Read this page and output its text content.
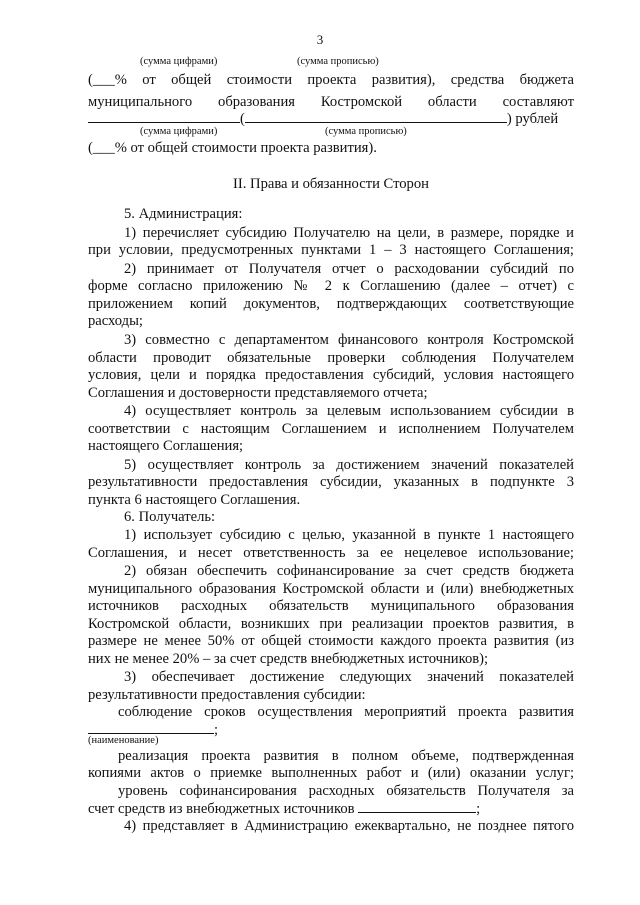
3
(сумма цифрами)	(сумма прописью)
(___% от общей стоимости проекта развития), средства бюджета
муниципального образования Костромской области составляют
(	) рублей
(сумма цифрами)	(сумма прописью)
(___% от общей стоимости проекта развития).
II. Права и обязанности Сторон
5. Администрация:
1) перечисляет субсидию Получателю на цели, в размере, порядке и
при условии, предусмотренных пунктами 1 – 3 настоящего Соглашения;
2) принимает от Получателя отчет о расходовании субсидий по
форме согласно приложению № 2 к Соглашению (далее – отчет) с
приложением копий документов, подтверждающих соответствующие
расходы;
3) совместно с департаментом финансового контроля Костромской
области проводит обязательные проверки соблюдения Получателем
условия, цели и порядка предоставления субсидий, условия настоящего
Соглашения и достоверности представляемого отчета;
4) осуществляет контроль за целевым использованием субсидии в
соответствии с настоящим Соглашением и исполнением Получателем
настоящего Соглашения;
5) осуществляет контроль за достижением значений показателей
результативности предоставления субсидии, указанных в подпункте 3
пункта 6 настоящего Соглашения.
6. Получатель:
1) использует субсидию с целью, указанной в пункте 1 настоящего
Соглашения, и несет ответственность за ее нецелевое использование;
2) обязан обеспечить софинансирование за счет средств бюджета
муниципального образования Костромской области и (или) внебюджетных
источников расходных обязательств муниципального образования
Костромской области, возникших при реализации проектов развития, в
размере не менее 50% от общей стоимости каждого проекта развития (из
них не менее 20% – за счет средств внебюджетных источников);
3) обеспечивает достижение следующих значений показателей
результативности предоставления субсидии:
соблюдение сроков осуществления мероприятий проекта развития
;
(наименование)
реализация проекта развития в полном объеме, подтвержденная
копиями актов о приемке выполненных работ и (или) оказании услуг;
уровень софинансирования расходных обязательств Получателя за
счет средств из внебюджетных источников	;
4) представляет в Администрацию ежеквартально, не позднее пятого
